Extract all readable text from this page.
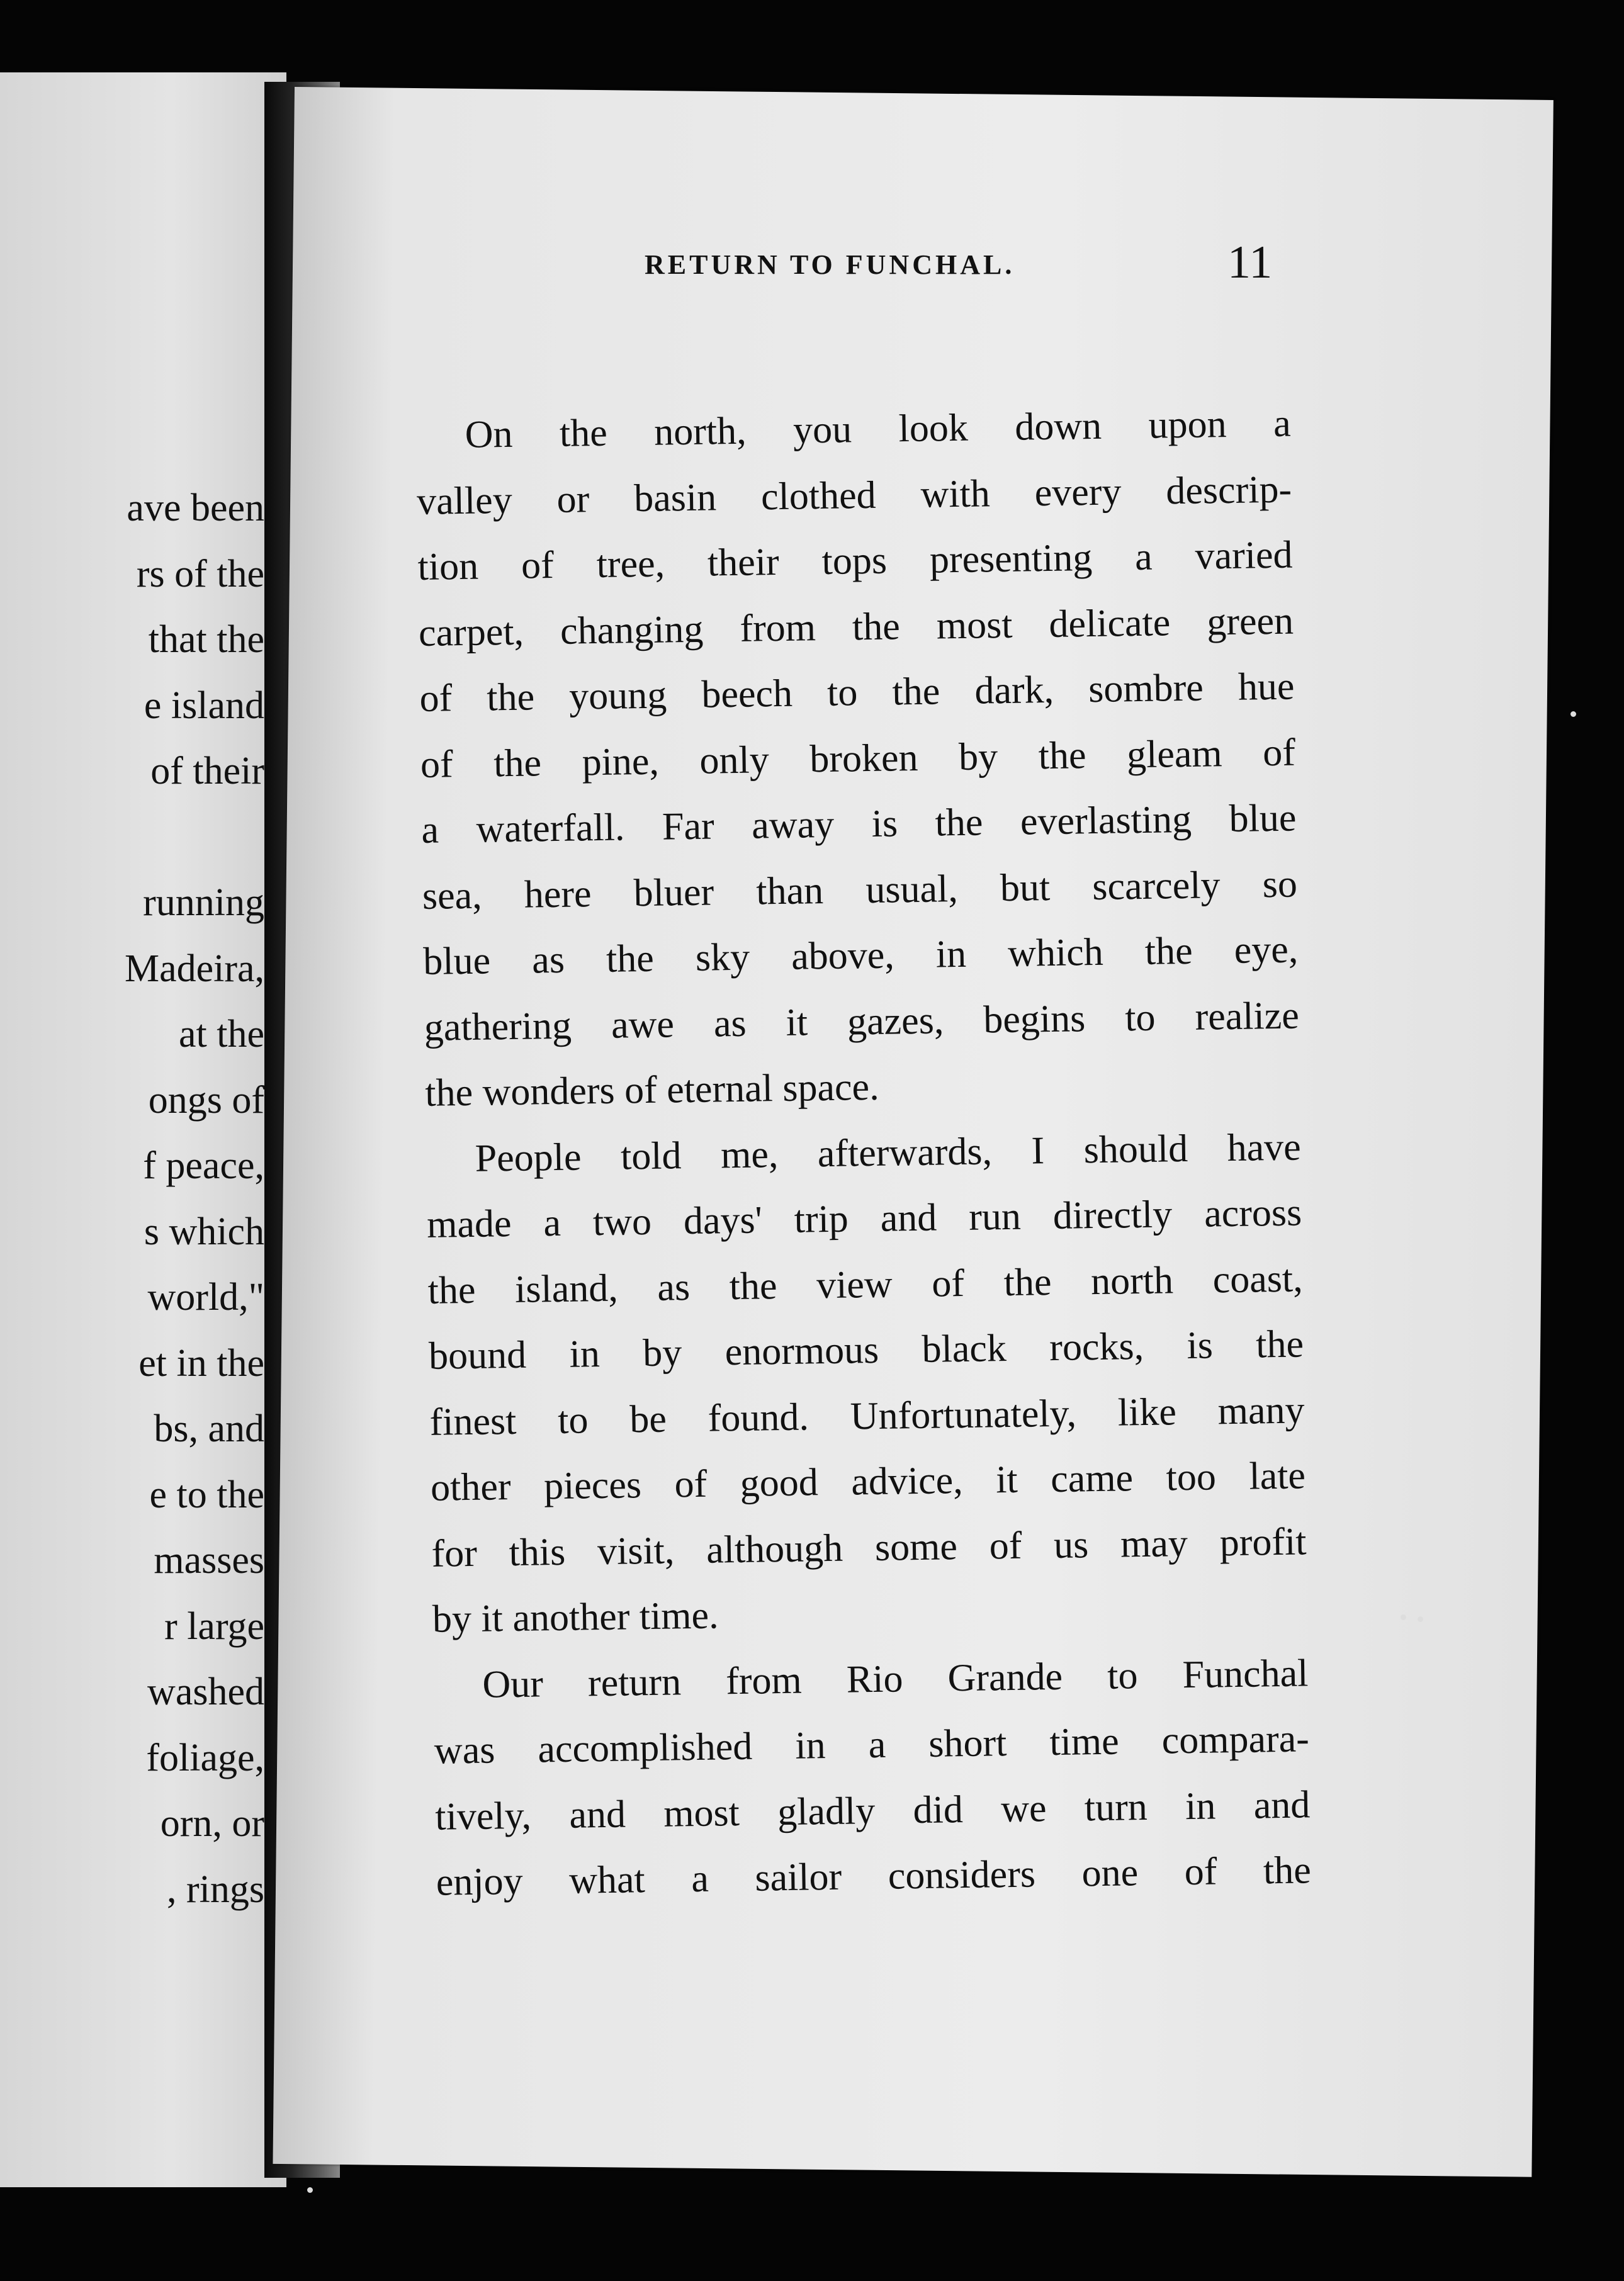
ave been
rs of the
that the
e island
of their
running
Madeira,
at the
ongs of
f peace,
s which
world,"
et in the
bs, and
e to the
masses
r large
washed
foliage,
orn, or
, rings
RETURN TO FUNCHAL.	11
On the north, you look down upon a
valley or basin clothed with every descrip-
tion of tree, their tops presenting a varied
carpet, changing from the most delicate green
of the young beech to the dark, sombre hue
of the pine, only broken by the gleam of
a waterfall. Far away is the everlasting blue
sea, here bluer than usual, but scarcely so
blue as the sky above, in which the eye,
gathering awe as it gazes, begins to realize
the wonders of eternal space.
People told me, afterwards, I should have
made a two days' trip and run directly across
the island, as the view of the north coast,
bound in by enormous black rocks, is the
finest to be found. Unfortunately, like many
other pieces of good advice, it came too late
for this visit, although some of us may profit
by it another time.
Our return from Rio Grande to Funchal
was accomplished in a short time compara-
tively, and most gladly did we turn in and
enjoy what a sailor considers one of the
